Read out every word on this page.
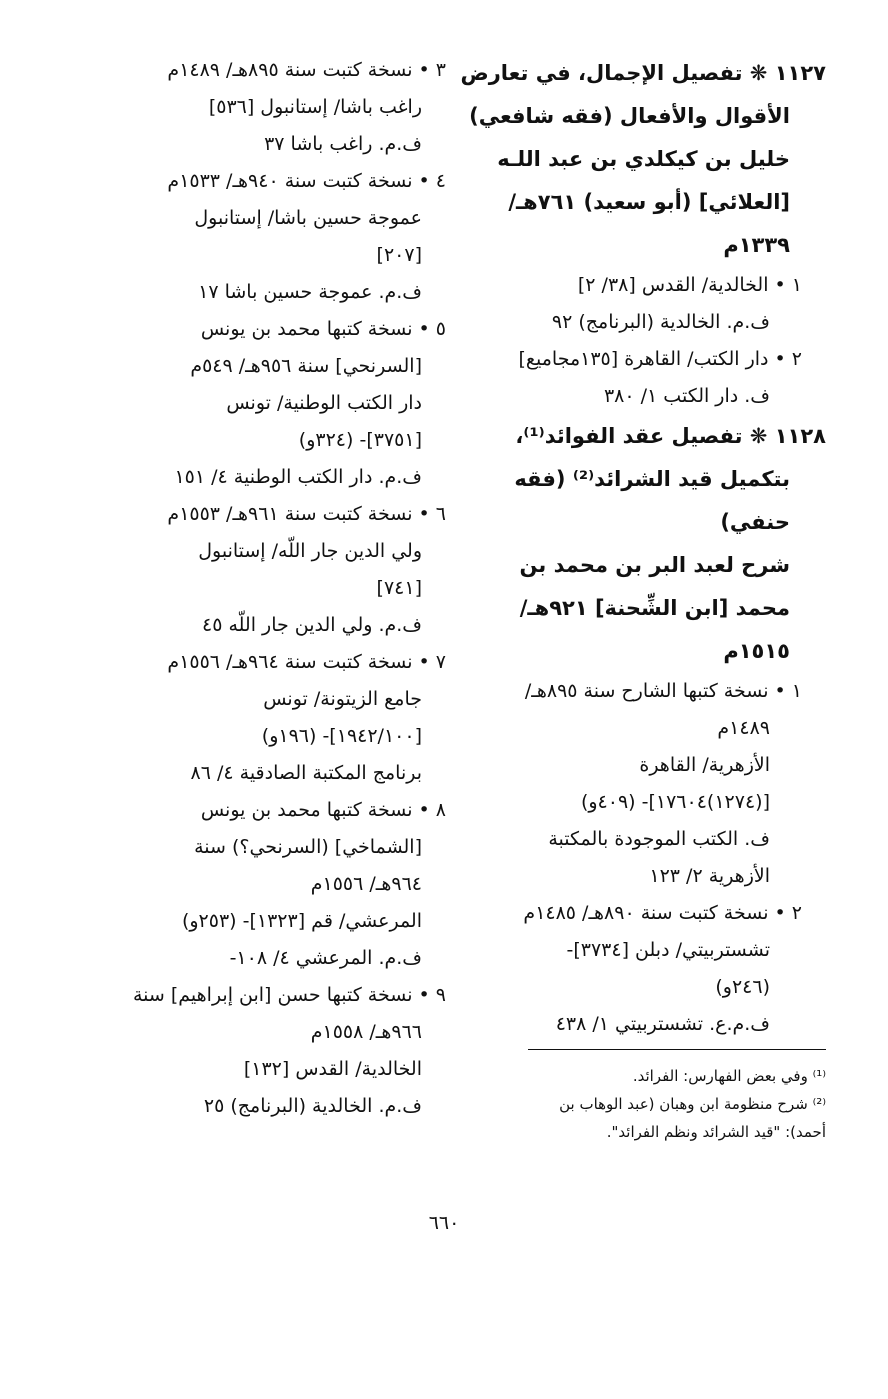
١١٢٧ ❋ تفصيل الإجمال، في تعارض
الأقوال والأفعال (فقه شافعي)
خليل بن كيكلدي بن عبد اللـه
[العلائي] (أبو سعيد) ٧٦١هـ/
١٣٣٩م
١ • الخالدية/ القدس [٣٨/ ٢]
ف.م. الخالدية (البرنامج) ٩٢
٢ • دار الكتب/ القاهرة [١٣٥مجاميع]
ف. دار الكتب ١/ ٣٨٠
١١٢٨ ❋ تفصيل عقد الفوائد⁽¹⁾،
بتكميل قيد الشرائد⁽²⁾ (فقه
حنفي)
شرح لعبد البر بن محمد بن
محمد [ابن الشِّحنة] ٩٢١هـ/
١٥١٥م
١ • نسخة كتبها الشارح سنة ٨٩٥هـ/
١٤٨٩م
الأزهرية/ القاهرة
[(١٢٧٤)١٧٦٠٤]- (٤٠٩و)
ف. الكتب الموجودة بالمكتبة
الأزهرية ٢/ ١٢٣
٢ • نسخة كتبت سنة ٨٩٠هـ/ ١٤٨٥م
تشستربيتي/ دبلن [٣٧٣٤]-
(٢٤٦و)
ف.م.ع. تشستربيتي ١/ ٤٣٨
٣ • نسخة كتبت سنة ٨٩٥هـ/ ١٤٨٩م
راغب باشا/ إستانبول [٥٣٦]
ف.م. راغب باشا ٣٧
٤ • نسخة كتبت سنة ٩٤٠هـ/ ١٥٣٣م
عموجة حسين باشا/ إستانبول
[٢٠٧]
ف.م. عموجة حسين باشا ١٧
٥ • نسخة كتبها محمد بن يونس
[السرنحي] سنة ٩٥٦هـ/ ٥٤٩م
دار الكتب الوطنية/ تونس
[٣٧٥١]- (٣٢٤و)
ف.م. دار الكتب الوطنية ٤/ ١٥١
٦ • نسخة كتبت سنة ٩٦١هـ/ ١٥٥٣م
ولي الدين جار اللّه/ إستانبول
[٧٤١]
ف.م. ولي الدين جار اللّه ٤٥
٧ • نسخة كتبت سنة ٩٦٤هـ/ ١٥٥٦م
جامع الزيتونة/ تونس
[١٩٤٢/١٠٠]- (١٩٦و)
برنامج المكتبة الصادقية ٤/ ٨٦
٨ • نسخة كتبها محمد بن يونس
[الشماخي] (السرنحي؟) سنة
٩٦٤هـ/ ١٥٥٦م
المرعشي/ قم [١٣٢٣]- (٢٥٣و)
ف.م. المرعشي ٤/ ١٠٨-
٩ • نسخة كتبها حسن [ابن إبراهيم] سنة
٩٦٦هـ/ ١٥٥٨م
الخالدية/ القدس [١٣٢]
ف.م. الخالدية (البرنامج) ٢٥
⁽¹⁾ وفي بعض الفهارس: الفرائد.
⁽²⁾ شرح منظومة ابن وهبان (عبد الوهاب بن
أحمد): "قيد الشرائد ونظم الفرائد".
٦٦٠
